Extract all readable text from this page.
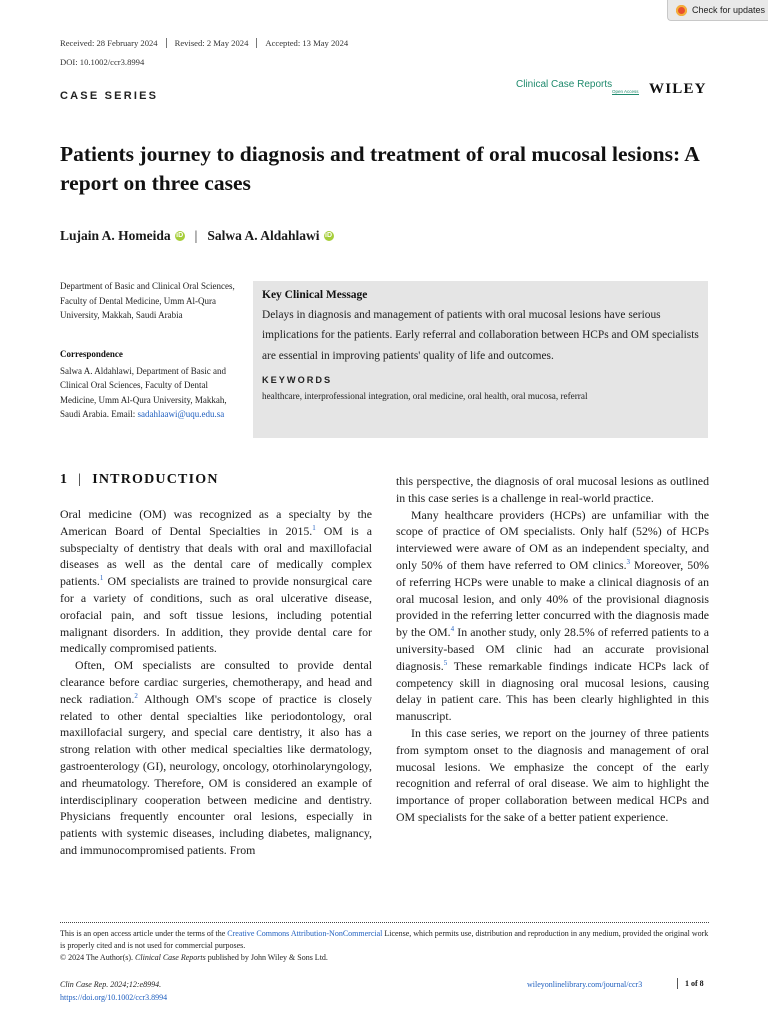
Check for updates
Received: 28 February 2024	Revised: 2 May 2024	Accepted: 13 May 2024
DOI: 10.1002/ccr3.8994
CASE SERIES
Clinical Case Reports
Open Access WILEY
Patients journey to diagnosis and treatment of oral mucosal lesions: A report on three cases
Lujain A. Homeida iD | Salwa A. Aldahlawi iD
Department of Basic and Clinical Oral Sciences, Faculty of Dental Medicine, Umm Al-Qura University, Makkah, Saudi Arabia
Correspondence
Salwa A. Aldahlawi, Department of Basic and Clinical Oral Sciences, Faculty of Dental Medicine, Umm Al-Qura University, Makkah, Saudi Arabia. Email: sadahlaawi@uqu.edu.sa
Key Clinical Message
Delays in diagnosis and management of patients with oral mucosal lesions have serious implications for the patients. Early referral and collaboration between HCPs and OM specialists are essential in improving patients' quality of life and outcomes.
KEYWORDS
healthcare, interprofessional integration, oral medicine, oral health, oral mucosa, referral
1 | INTRODUCTION

Oral medicine (OM) was recognized as a specialty by the American Board of Dental Specialties in 2015.$^1$ OM is a subspecialty of dentistry that deals with oral and maxillofacial diseases as well as the dental care of medically complex patients.$^1$ OM specialists are trained to provide nonsurgical care for a variety of conditions, such as oral ulcerative disease, orofacial pain, and soft tissue lesions, including potential malignant disorders. In addition, they provide dental care for medically compromised patients.

Often, OM specialists are consulted to provide dental clearance before cardiac surgeries, chemotherapy, and head and neck radiation.$^2$ Although OM's scope of practice is closely related to other dental specialties like periodontology, oral maxillofacial surgery, and special care dentistry, it also has a strong relation with other medical specialties like dermatology, gastroenterology (GI), neurology, oncology, otorhinolaryngology, and rheumatology. Therefore, OM is considered an example of interdisciplinary cooperation between medicine and dentistry. Physicians frequently encounter oral lesions, especially in patients with systemic diseases, including diabetes, malignancy, and immunocompromised patients. From

this perspective, the diagnosis of oral mucosal lesions as outlined in this case series is a challenge in real-world practice.

Many healthcare providers (HCPs) are unfamiliar with the scope of practice of OM specialists. Only half (52%) of HCPs interviewed were aware of OM as an independent specialty, and only 50% of them have referred to OM clinics.$^3$ Moreover, 50% of referring HCPs were unable to make a clinical diagnosis of an oral mucosal lesion, and only 40% of the provisional diagnosis provided in the referring letter concurred with the diagnosis made by the OM.$^4$ In another study, only 28.5% of referred patients to a university-based OM clinic had an accurate provisional diagnosis.$^5$ These remarkable findings indicate HCPs lack of competency skill in diagnosing oral mucosal lesions, causing delay in patient care. This has been clearly highlighted in this manuscript.

In this case series, we report on the journey of three patients from symptom onset to the diagnosis and management of oral mucosal lesions. We emphasize the concept of the early recognition and referral of oral disease. We aim to highlight the importance of proper collaboration between medical HCPs and OM specialists for the sake of a better patient experience.

This is an open access article under the terms of the Creative Commons Attribution-NonCommercial License, which permits use, distribution and reproduction in any medium, provided the original work is properly cited and is not used for commercial purposes.
© 2024 The Author(s). Clinical Case Reports published by John Wiley & Sons Ltd.
Clin Case Rep. 2024;12:e8994.
https://doi.org/10.1002/ccr3.8994
wileyonlinelibrary.com/journal/ccr3	1 of 8
